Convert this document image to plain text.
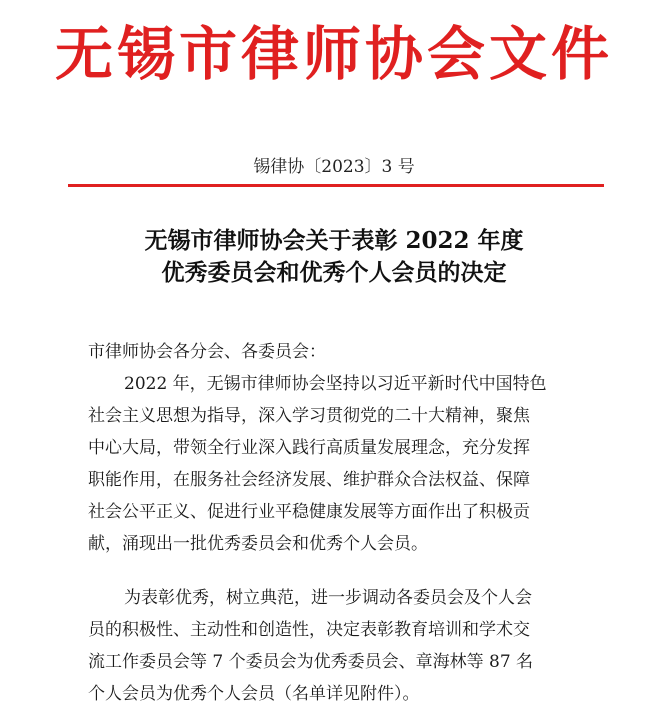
无锡市律师协会文件
锡律协〔2023〕3 号
无锡市律师协会关于表彰 2022 年度
优秀委员会和优秀个人会员的决定
市律师协会各分会、各委员会：
2022 年，无锡市律师协会坚持以习近平新时代中国特色
社会主义思想为指导，深入学习贯彻党的二十大精神，聚焦
中心大局，带领全行业深入践行高质量发展理念，充分发挥
职能作用，在服务社会经济发展、维护群众合法权益、保障
社会公平正义、促进行业平稳健康发展等方面作出了积极贡
献，涌现出一批优秀委员会和优秀个人会员。
为表彰优秀，树立典范，进一步调动各委员会及个人会
员的积极性、主动性和创造性，决定表彰教育培训和学术交
流工作委员会等 7 个委员会为优秀委员会、章海林等 87 名
个人会员为优秀个人会员（名单详见附件）。
